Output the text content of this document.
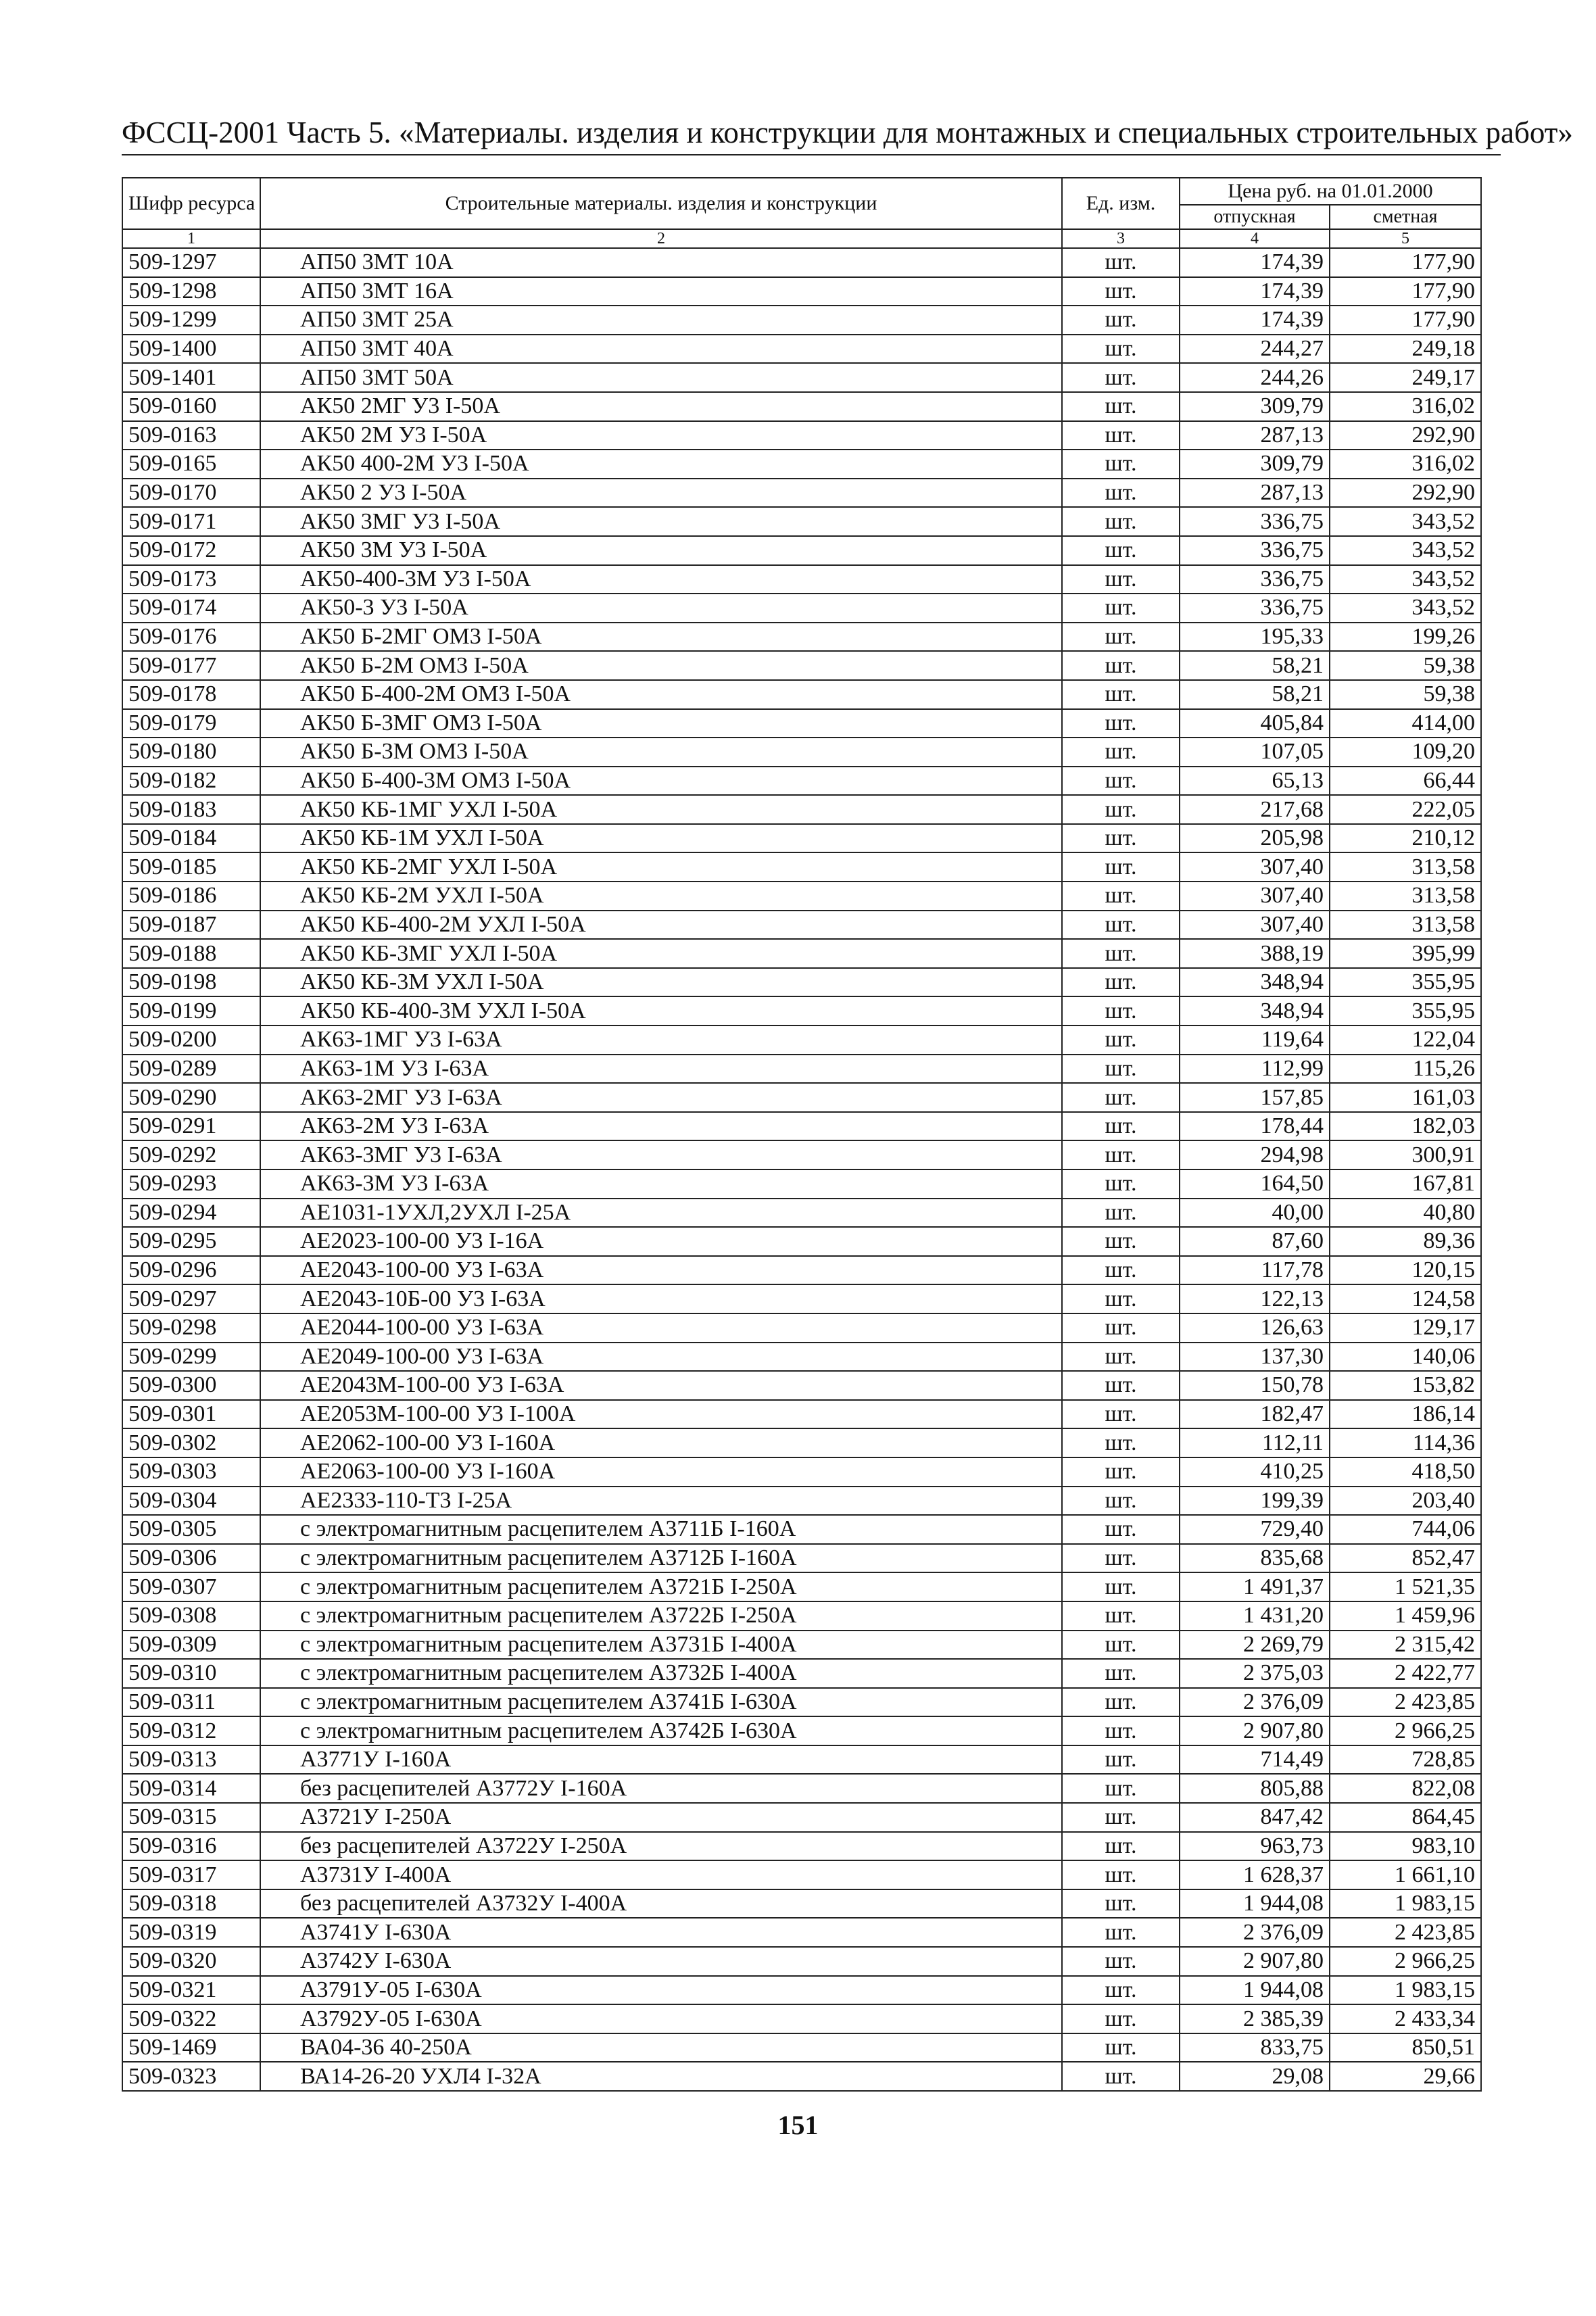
ФССЦ-2001 Часть 5. «Материалы. изделия и конструкции для монтажных и специальных строительных работ»
Шифр ресурса	Строительные материалы. изделия и конструкции	Ед. изм.	Цена руб. на 01.01.2000	
			отпускная	сметная
1	2	3	4	5
509-1297	АП50 3МТ 10А	шт.	174,39	177,90
509-1298	АП50 3МТ 16А	шт.	174,39	177,90
509-1299	АП50 3МТ 25А	шт.	174,39	177,90
509-1400	АП50 3МТ 40А	шт.	244,27	249,18
509-1401	АП50 3МТ 50А	шт.	244,26	249,17
509-0160	АК50 2МГ У3 I-50А	шт.	309,79	316,02
509-0163	АК50 2М У3 I-50А	шт.	287,13	292,90
509-0165	АК50 400-2М У3 I-50А	шт.	309,79	316,02
509-0170	АК50 2 У3 I-50А	шт.	287,13	292,90
509-0171	АК50 3МГ У3 I-50А	шт.	336,75	343,52
509-0172	АК50 3М У3 I-50А	шт.	336,75	343,52
509-0173	АК50-400-3М У3 I-50А	шт.	336,75	343,52
509-0174	АК50-3 У3 I-50А	шт.	336,75	343,52
509-0176	АК50 Б-2МГ ОМ3 I-50А	шт.	195,33	199,26
509-0177	АК50 Б-2М ОМ3 I-50А	шт.	58,21	59,38
509-0178	АК50 Б-400-2М ОМ3 I-50А	шт.	58,21	59,38
509-0179	АК50 Б-3МГ ОМ3 I-50А	шт.	405,84	414,00
509-0180	АК50 Б-3М ОМ3 I-50А	шт.	107,05	109,20
509-0182	АК50 Б-400-3М ОМ3 I-50А	шт.	65,13	66,44
509-0183	АК50 КБ-1МГ УХЛ I-50А	шт.	217,68	222,05
509-0184	АК50 КБ-1М УХЛ I-50А	шт.	205,98	210,12
509-0185	АК50 КБ-2МГ УХЛ I-50А	шт.	307,40	313,58
509-0186	АК50 КБ-2М УХЛ I-50А	шт.	307,40	313,58
509-0187	АК50 КБ-400-2М УХЛ I-50А	шт.	307,40	313,58
509-0188	АК50 КБ-3МГ УХЛ I-50А	шт.	388,19	395,99
509-0198	АК50 КБ-3М УХЛ I-50А	шт.	348,94	355,95
509-0199	АК50 КБ-400-3М УХЛ I-50А	шт.	348,94	355,95
509-0200	АК63-1МГ У3 I-63А	шт.	119,64	122,04
509-0289	АК63-1М У3 I-63А	шт.	112,99	115,26
509-0290	АК63-2МГ У3 I-63А	шт.	157,85	161,03
509-0291	АК63-2М У3 I-63А	шт.	178,44	182,03
509-0292	АК63-3МГ У3 I-63А	шт.	294,98	300,91
509-0293	АК63-3М У3 I-63А	шт.	164,50	167,81
509-0294	АЕ1031-1УХЛ,2УХЛ I-25А	шт.	40,00	40,80
509-0295	АЕ2023-100-00 У3 I-16А	шт.	87,60	89,36
509-0296	АЕ2043-100-00 У3 I-63А	шт.	117,78	120,15
509-0297	АЕ2043-10Б-00 У3 I-63А	шт.	122,13	124,58
509-0298	АЕ2044-100-00 У3 I-63А	шт.	126,63	129,17
509-0299	АЕ2049-100-00 У3 I-63А	шт.	137,30	140,06
509-0300	АЕ2043М-100-00 У3 I-63А	шт.	150,78	153,82
509-0301	АЕ2053М-100-00 У3 I-100А	шт.	182,47	186,14
509-0302	АЕ2062-100-00 У3 I-160А	шт.	112,11	114,36
509-0303	АЕ2063-100-00 У3 I-160А	шт.	410,25	418,50
509-0304	АЕ2333-110-Т3 I-25А	шт.	199,39	203,40
509-0305	с электромагнитным расцепителем А3711Б I-160А	шт.	729,40	744,06
509-0306	с электромагнитным расцепителем А3712Б I-160А	шт.	835,68	852,47
509-0307	с электромагнитным расцепителем А3721Б I-250А	шт.	1 491,37	1 521,35
509-0308	с электромагнитным расцепителем А3722Б I-250А	шт.	1 431,20	1 459,96
509-0309	с электромагнитным расцепителем А3731Б I-400А	шт.	2 269,79	2 315,42
509-0310	с электромагнитным расцепителем А3732Б I-400А	шт.	2 375,03	2 422,77
509-0311	с электромагнитным расцепителем А3741Б I-630А	шт.	2 376,09	2 423,85
509-0312	с электромагнитным расцепителем А3742Б I-630А	шт.	2 907,80	2 966,25
509-0313	А3771У I-160А	шт.	714,49	728,85
509-0314	без расцепителей А3772У I-160А	шт.	805,88	822,08
509-0315	А3721У I-250А	шт.	847,42	864,45
509-0316	без расцепителей А3722У I-250А	шт.	963,73	983,10
509-0317	А3731У I-400А	шт.	1 628,37	1 661,10
509-0318	без расцепителей А3732У I-400А	шт.	1 944,08	1 983,15
509-0319	А3741У I-630А	шт.	2 376,09	2 423,85
509-0320	А3742У I-630А	шт.	2 907,80	2 966,25
509-0321	А3791У-05 I-630А	шт.	1 944,08	1 983,15
509-0322	А3792У-05 I-630А	шт.	2 385,39	2 433,34
509-1469	ВА04-36 40-250А	шт.	833,75	850,51
509-0323	ВА14-26-20 УХЛ4 I-32А	шт.	29,08	29,66
151
